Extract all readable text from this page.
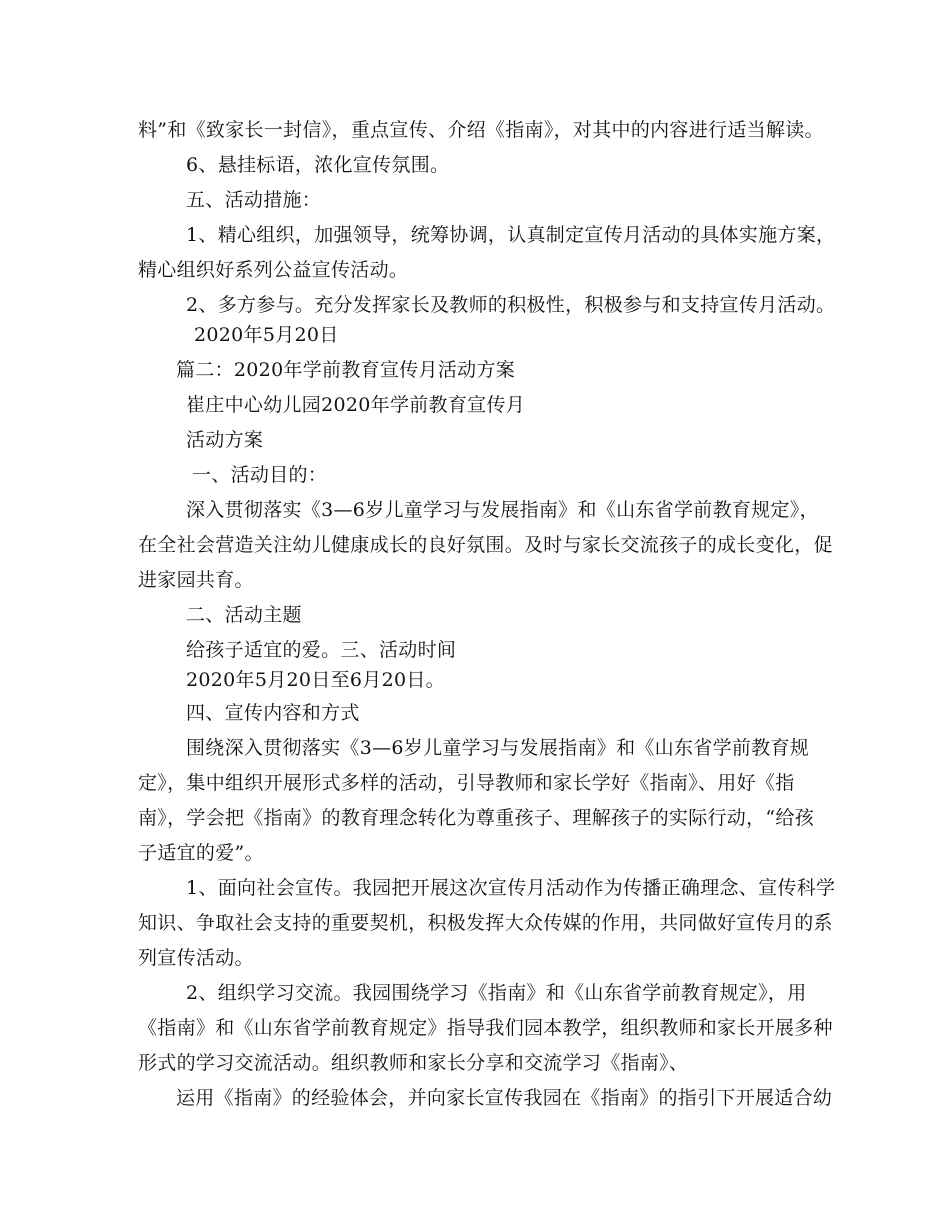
料”和《致家长一封信》，重点宣传、介绍《指南》，对其中的内容进行适当解读。
6、悬挂标语，浓化宣传氛围。
五、活动措施：
1、精心组织，加强领导，统筹协调，认真制定宣传月活动的具体实施方案，
精心组织好系列公益宣传活动。
2、多方参与。充分发挥家长及教师的积极性，积极参与和支持宣传月活动。
2020年5月20日
篇二：2020年学前教育宣传月活动方案
崔庄中心幼儿园2020年学前教育宣传月
活动方案
一、活动目的：
深入贯彻落实《3—6岁儿童学习与发展指南》和《山东省学前教育规定》，
在全社会营造关注幼儿健康成长的良好氛围。及时与家长交流孩子的成长变化，促
进家园共育。
二、活动主题
给孩子适宜的爱。三、活动时间
2020年5月20日至6月20日。
四、宣传内容和方式
围绕深入贯彻落实《3—6岁儿童学习与发展指南》和《山东省学前教育规
定》，集中组织开展形式多样的活动，引导教师和家长学好《指南》、用好《指
南》，学会把《指南》的教育理念转化为尊重孩子、理解孩子的实际行动，“给孩
子适宜的爱”。
1、面向社会宣传。我园把开展这次宣传月活动作为传播正确理念、宣传科学
知识、争取社会支持的重要契机，积极发挥大众传媒的作用，共同做好宣传月的系
列宣传活动。
2、组织学习交流。我园围绕学习《指南》和《山东省学前教育规定》，用
《指南》和《山东省学前教育规定》指导我们园本教学，组织教师和家长开展多种
形式的学习交流活动。组织教师和家长分享和交流学习《指南》、
运用《指南》的经验体会，并向家长宣传我园在《指南》的指引下开展适合幼
